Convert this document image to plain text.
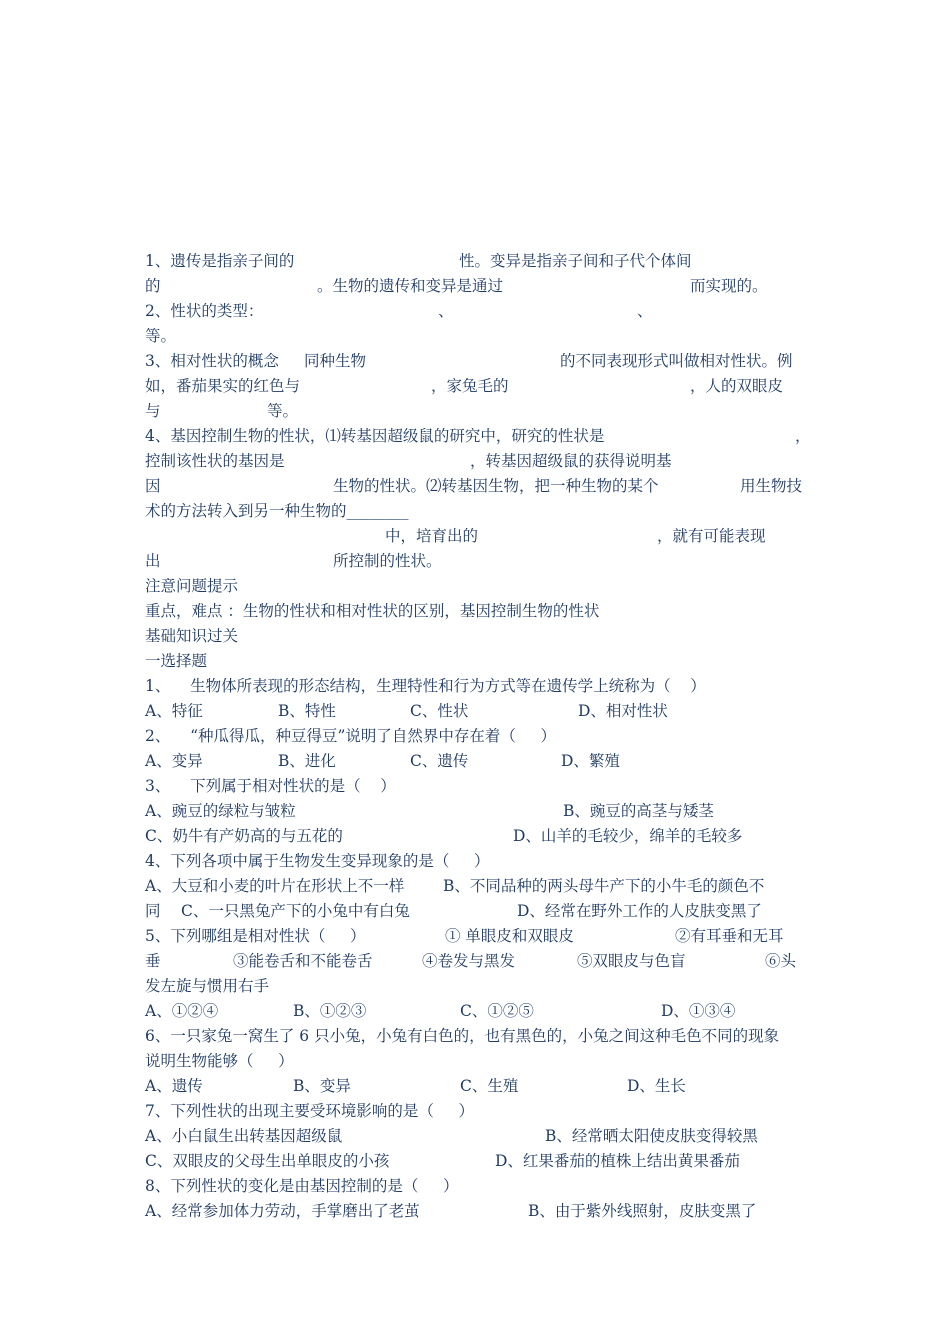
1、遗传是指亲子间的

	性。变异是指亲子间和子代个体间

的

	。生物的遗传和变异是通过

	而实现的。

2、性状的类型：

	、

	、

等。

3、相对性状的概念

同种生物

	的不同表现形式叫做相对性状。例

如，番茄果实的红色与

	，家兔毛的

	，人的双眼皮

与

	等。

4、基因控制生物的性状，⑴转基因超级鼠的研究中，研究的性状是

	，

控制该性状的基因是

	，转基因超级鼠的获得说明基

因

	生物的性状。⑵转基因生物，把一种生物的某个

	用生物技

术的方法转入到另一种生物的________

中，培育出的

	，就有可能表现

出

	所控制的性状。

注意问题提示

重点，难点 ：生物的性状和相对性状的区别，基因控制生物的性状

基础知识过关

一选择题

1、    生物体所表现的形态结构，生理特性和行为方式等在遗传学上统称为（    ）

A、特征

	B、特性

	C、性状

	D、相对性状

2、    “种瓜得瓜，种豆得豆”说明了自然界中存在着（     ）

A、变异

	B、进化

	C、遗传

	D、繁殖

3、    下列属于相对性状的是（    ）

A、豌豆的绿粒与皱粒

	B、豌豆的高茎与矮茎

C、奶牛有产奶高的与五花的

	D、山羊的毛较少，绵羊的毛较多

4、下列各项中属于生物发生变异现象的是（     ）

A、大豆和小麦的叶片在形状上不一样

	B、不同品种的两头母牛产下的小牛毛的颜色不

同

C、一只黑兔产下的小兔中有白兔

	D、经常在野外工作的人皮肤变黑了

5、下列哪组是相对性状（     ）

	① 单眼皮和双眼皮

	②有耳垂和无耳

垂

	③能卷舌和不能卷舌

	④卷发与黑发

	⑤双眼皮与色盲

	⑥头

发左旋与惯用右手

A、①②④

	B、①②③

	C、①②⑤

	D、①③④

6、一只家兔一窝生了 6 只小兔，小兔有白色的，也有黑色的，小兔之间这种毛色不同的现象

说明生物能够（     ）

A、遗传

	B、变异

	C、生殖

	D、生长

7、下列性状的出现主要受环境影响的是（     ）

A、小白鼠生出转基因超级鼠

	B、经常晒太阳使皮肤变得较黑

C、双眼皮的父母生出单眼皮的小孩

	D、红果番茄的植株上结出黄果番茄

8、下列性状的变化是由基因控制的是（     ）

A、经常参加体力劳动，手掌磨出了老茧

	B、由于紫外线照射，皮肤变黑了
